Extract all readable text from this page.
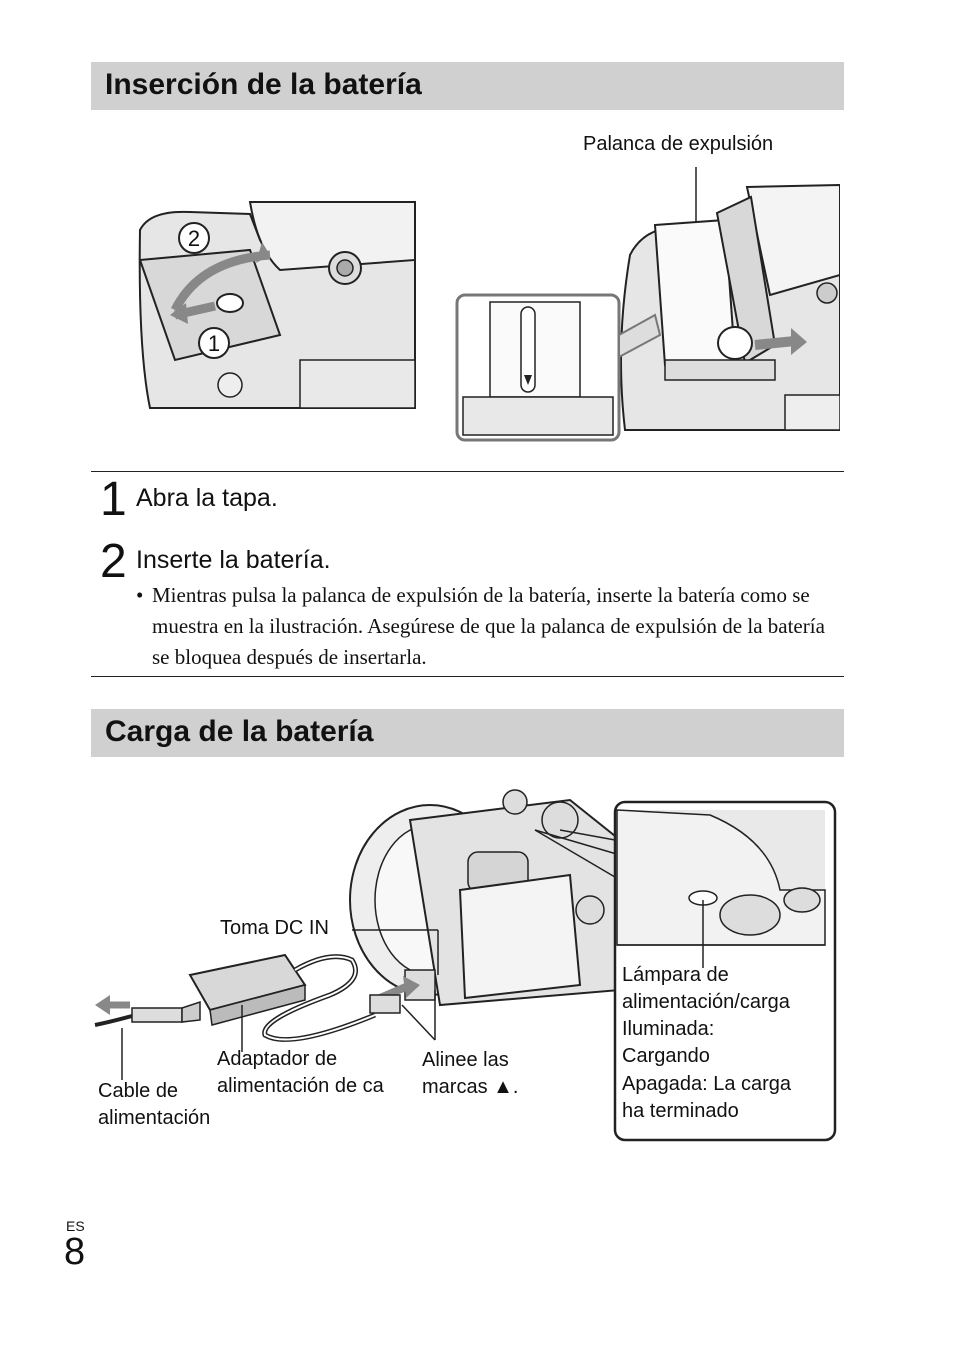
Inserción de la batería
Palanca de expulsión
2
1
1 Abra la tapa.
2 Inserte la batería.
• Mientras pulsa la palanca de expulsión de la batería, inserte la batería como se muestra en la ilustración. Asegúrese de que la palanca de expulsión de la batería se bloquea después de insertarla.
Carga de la batería
Toma DC IN
Adaptador de
alimentación de ca
Alinee las
marcas ▲.
Cable de
alimentación
Lámpara de
alimentación/carga
Iluminada:
Cargando
Apagada: La carga
ha terminado
ES
8
